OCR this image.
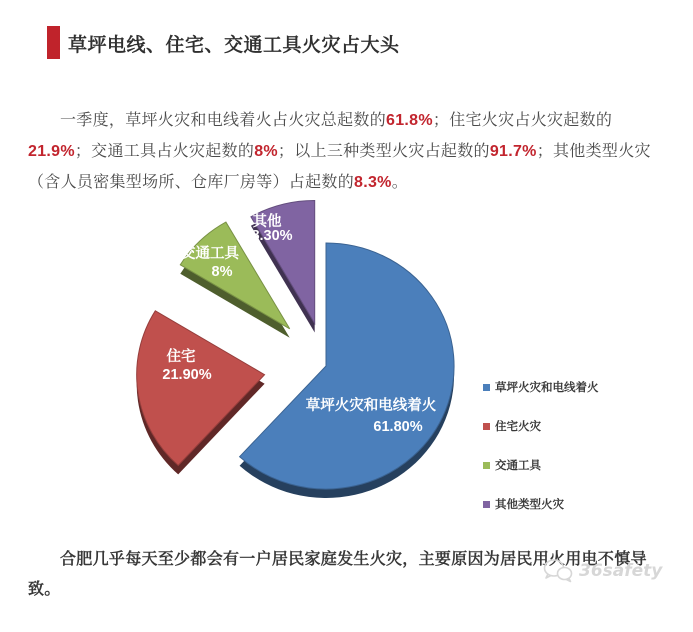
草坪电线、住宅、交通工具火灾占大头

一季度，草坪火灾和电线着火占火灾总起数的61.8%；住宅火灾占火灾起数的21.9%；交通工具占火灾起数的8%；以上三种类型火灾占起数的91.7%；其他类型火灾（含人员密集型场所、仓库厂房等）占起数的8.3%。

草坪火灾和电线着火
61.80%
住宅
21.90%
交通工具
8%
其他
8.30%
草坪火灾和电线着火
住宅火灾
交通工具
其他类型火灾

合肥几乎每天至少都会有一户居民家庭发生火灾，主要原因为居民用火用电不慎导致。

36safety
